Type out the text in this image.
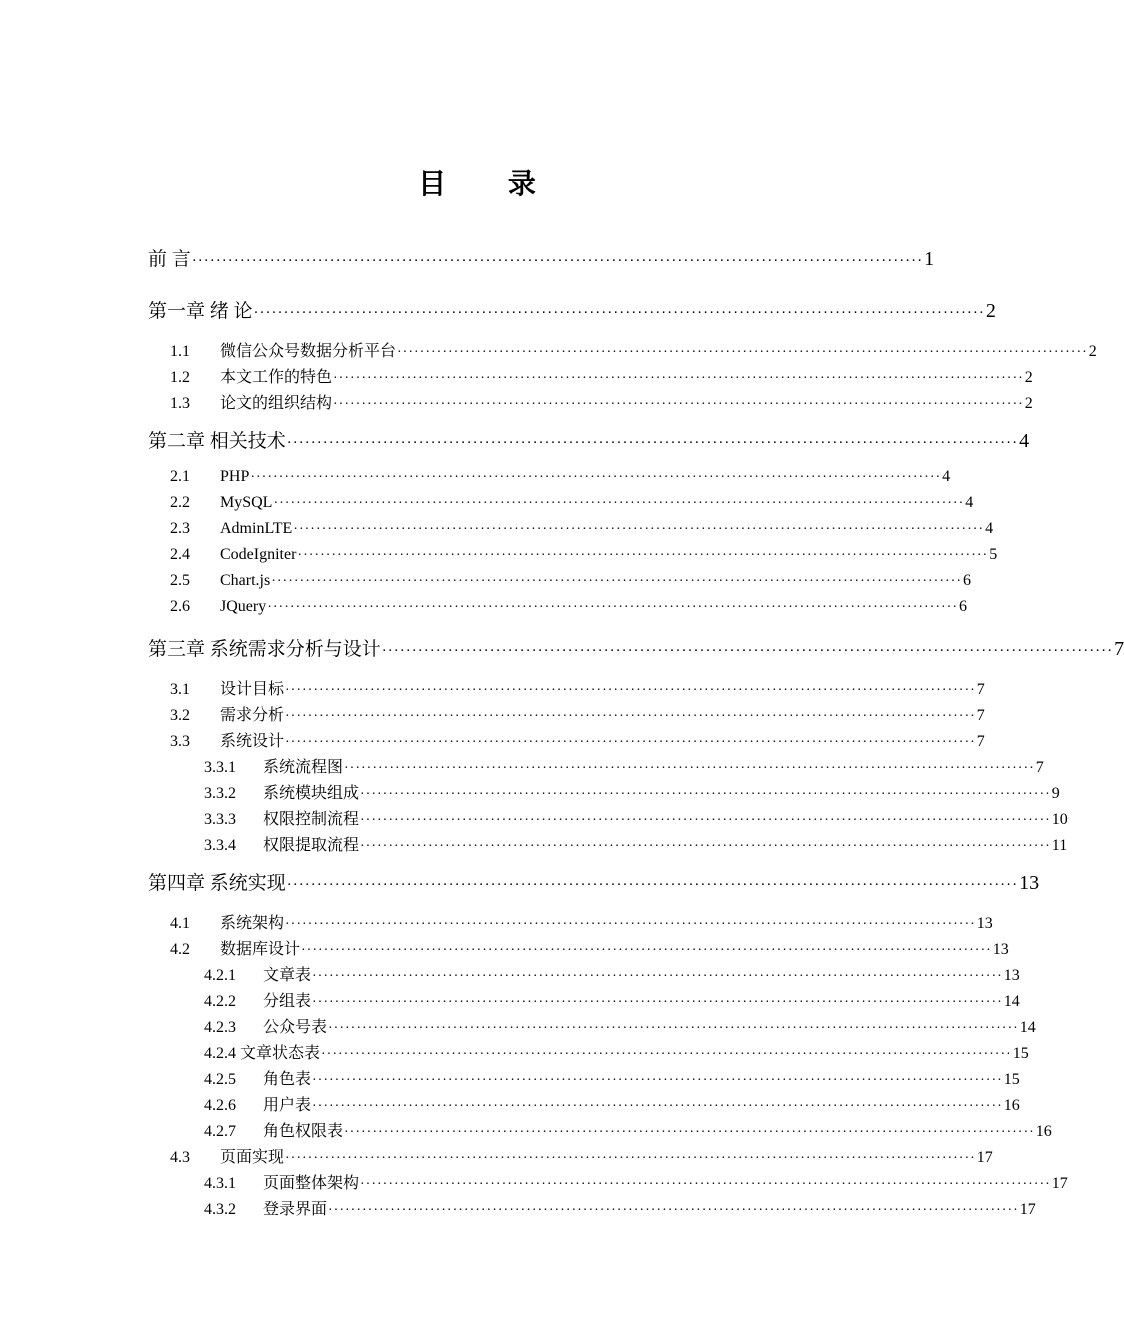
目 录
前 言 ·························································································································· 1
第一章 绪 论 ·························································································································· 2
1.1 微信公众号数据分析平台 ·························································································································· 2
1.2 本文工作的特色 ·························································································································· 2
1.3 论文的组织结构 ·························································································································· 2
第二章 相关技术 ·························································································································· 4
2.1 PHP ·························································································································· 4
2.2 MySQL ·························································································································· 4
2.3 AdminLTE ·························································································································· 4
2.4 CodeIgniter ·························································································································· 5
2.5 Chart.js ·························································································································· 6
2.6 JQuery ·························································································································· 6
第三章 系统需求分析与设计 ·························································································································· 7
3.1 设计目标 ·························································································································· 7
3.2 需求分析 ·························································································································· 7
3.3 系统设计 ·························································································································· 7
3.3.1 系统流程图 ·························································································································· 7
3.3.2 系统模块组成 ·························································································································· 9
3.3.3 权限控制流程 ·························································································································· 10
3.3.4 权限提取流程 ·························································································································· 11
第四章 系统实现 ·························································································································· 13
4.1 系统架构 ·························································································································· 13
4.2 数据库设计 ·························································································································· 13
4.2.1 文章表 ·························································································································· 13
4.2.2 分组表 ·························································································································· 14
4.2.3 公众号表 ·························································································································· 14
4.2.4 文章状态表 ·························································································································· 15
4.2.5 角色表 ·························································································································· 15
4.2.6 用户表 ·························································································································· 16
4.2.7 角色权限表 ·························································································································· 16
4.3 页面实现 ·························································································································· 17
4.3.1 页面整体架构 ·························································································································· 17
4.3.2 登录界面 ·························································································································· 17
